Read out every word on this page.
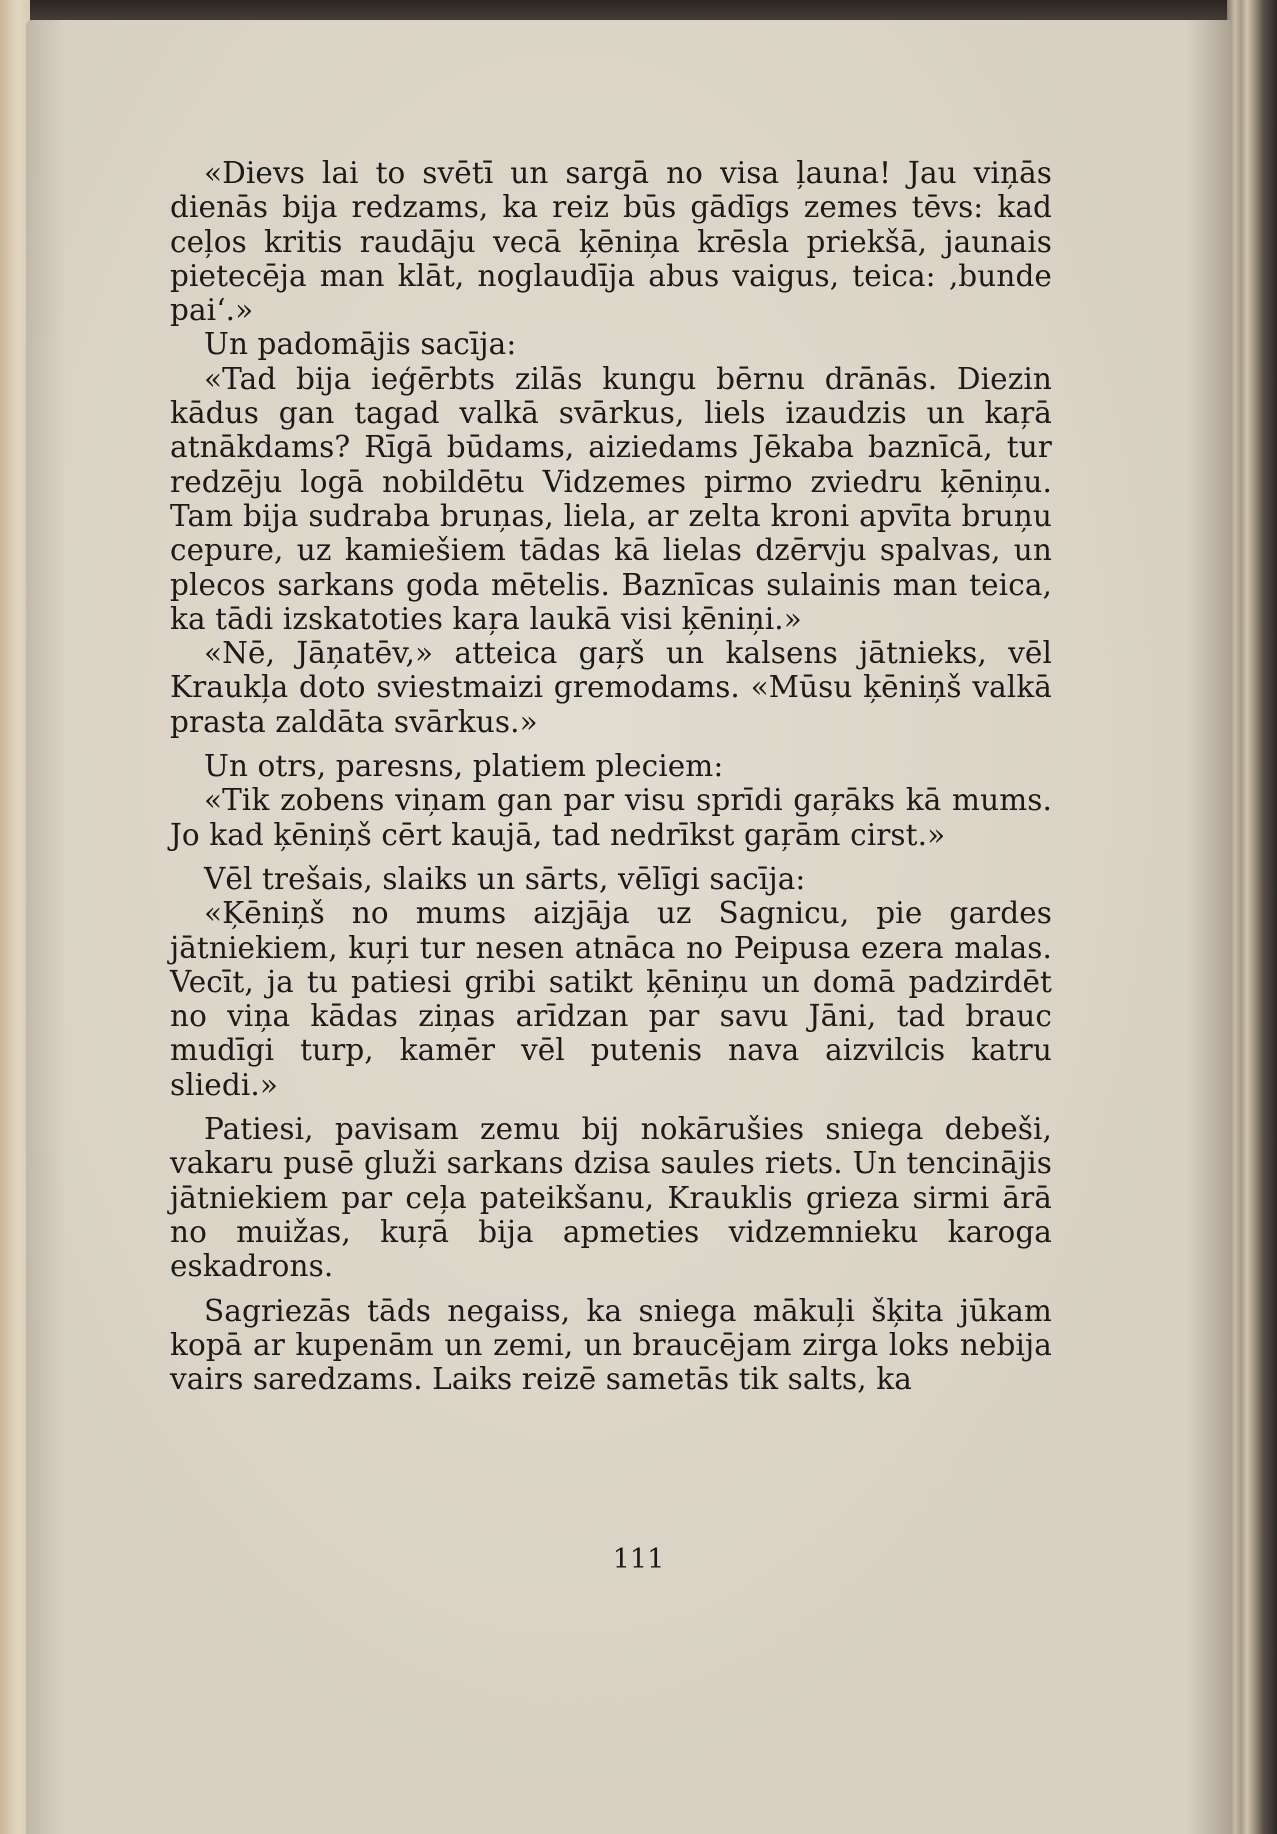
«Dievs lai to svētī un sargā no visa ļauna! Jau viņās dienās bija redzams, ka reiz būs gādīgs zemes tēvs: kad ceļos kritis raudāju vecā ķēniņa krēsla priekšā, jaunais pietecēja man klāt, noglaudīja abus vaigus, teica: ‚bunde pai‘.»

Un padomājis sacīja:

«Tad bija ieģērbts zilās kungu bērnu drānās. Diezin kādus gan tagad valkā svārkus, liels izaudzis un kaŗā atnākdams? Rīgā būdams, aiziedams Jēkaba baznīcā, tur redzēju logā nobildētu Vidzemes pirmo zviedru ķēniņu. Tam bija sudraba bruņas, liela, ar zelta kroni apvīta bruņu cepure, uz kamiešiem tādas kā lielas dzērvju spalvas, un plecos sarkans goda mētelis. Baznīcas sulainis man teica, ka tādi izskatoties kaŗa laukā visi ķēniņi.»

«Nē, Jāņatēv,» atteica gaŗš un kalsens jātnieks, vēl Kraukļa doto sviestmaizi gremodams. «Mūsu ķēniņš valkā prasta zaldāta svārkus.»

Un otrs, paresns, platiem pleciem:

«Tik zobens viņam gan par visu sprīdi gaŗāks kā mums. Jo kad ķēniņš cērt kaujā, tad nedrīkst gaŗām cirst.»

Vēl trešais, slaiks un sārts, vēlīgi sacīja:

«Ķēniņš no mums aizjāja uz Sagnicu, pie gardes jātniekiem, kuŗi tur nesen atnāca no Peipusa ezera malas. Vecīt, ja tu patiesi gribi satikt ķēniņu un domā padzirdēt no viņa kādas ziņas arīdzan par savu Jāni, tad brauc mudīgi turp, kamēr vēl putenis nava aizvilcis katru sliedi.»

Patiesi, pavisam zemu bij nokārušies sniega debeši, vakaru pusē gluži sarkans dzisa saules riets. Un tencinājis jātniekiem par ceļa pateikšanu, Krauklis grieza sirmi ārā no muižas, kuŗā bija apmeties vidzemnieku karoga eskadrons.

Sagriezās tāds negaiss, ka sniega mākuļi šķita jūkam kopā ar kupenām un zemi, un braucējam zirga loks nebija vairs saredzams. Laiks reizē sametās tik salts, ka

111
